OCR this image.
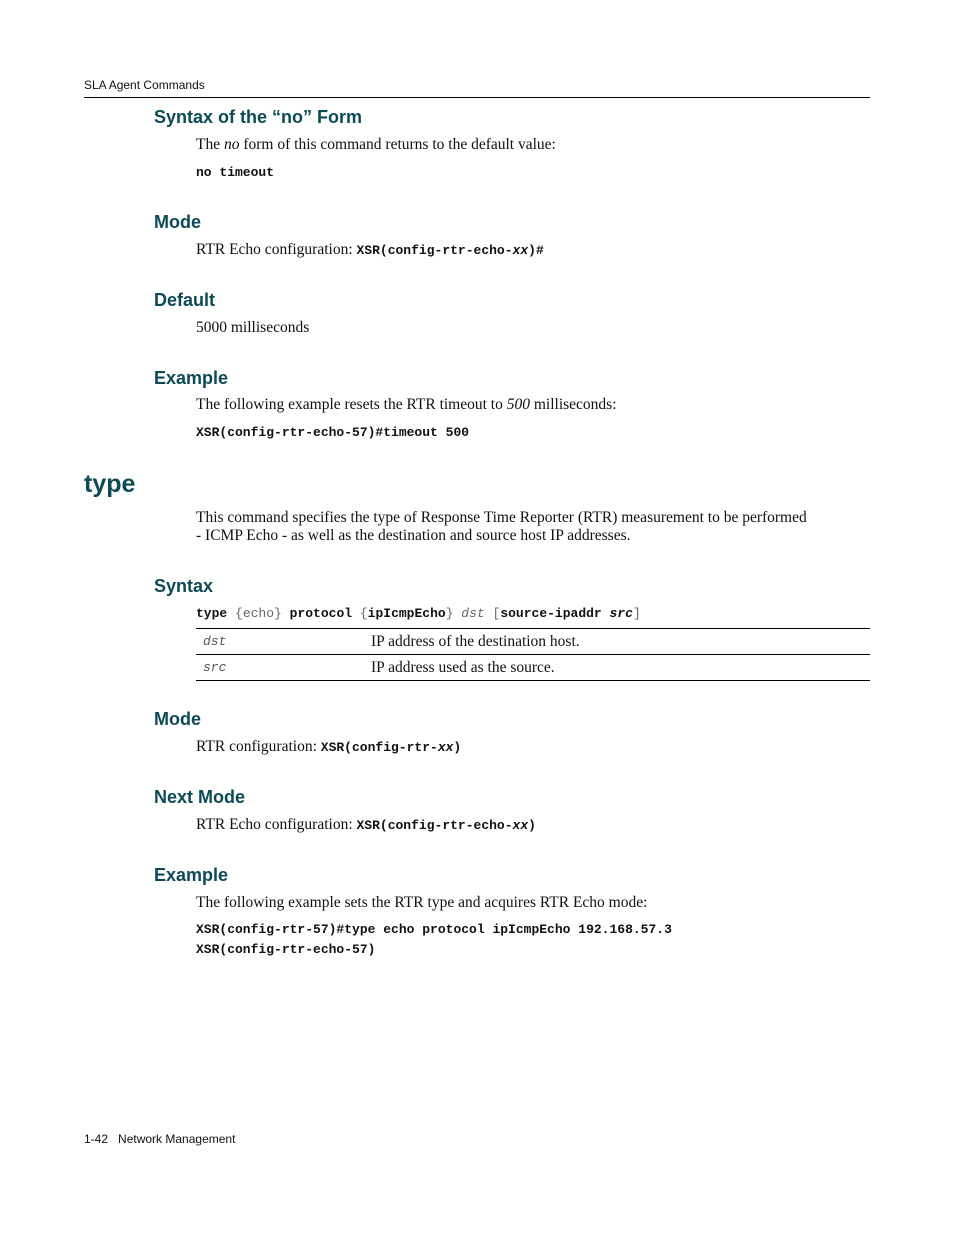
SLA Agent Commands
Syntax of the “no” Form
The no form of this command returns to the default value:
no timeout
Mode
RTR Echo configuration: XSR(config-rtr-echo-xx)#
Default
5000 milliseconds
Example
The following example resets the RTR timeout to 500 milliseconds:
XSR(config-rtr-echo-57)#timeout 500
type
This command specifies the type of Response Time Reporter (RTR) measurement to be performed
- ICMP Echo - as well as the destination and source host IP addresses.
Syntax
type {echo} protocol {ipIcmpEcho} dst [source-ipaddr src]
dst	IP address of the destination host.
src	IP address used as the source.
Mode
RTR configuration: XSR(config-rtr-xx)
Next Mode
RTR Echo configuration: XSR(config-rtr-echo-xx)
Example
The following example sets the RTR type and acquires RTR Echo mode:
XSR(config-rtr-57)#type echo protocol ipIcmpEcho 192.168.57.3
XSR(config-rtr-echo-57)
1-42 Network Management
